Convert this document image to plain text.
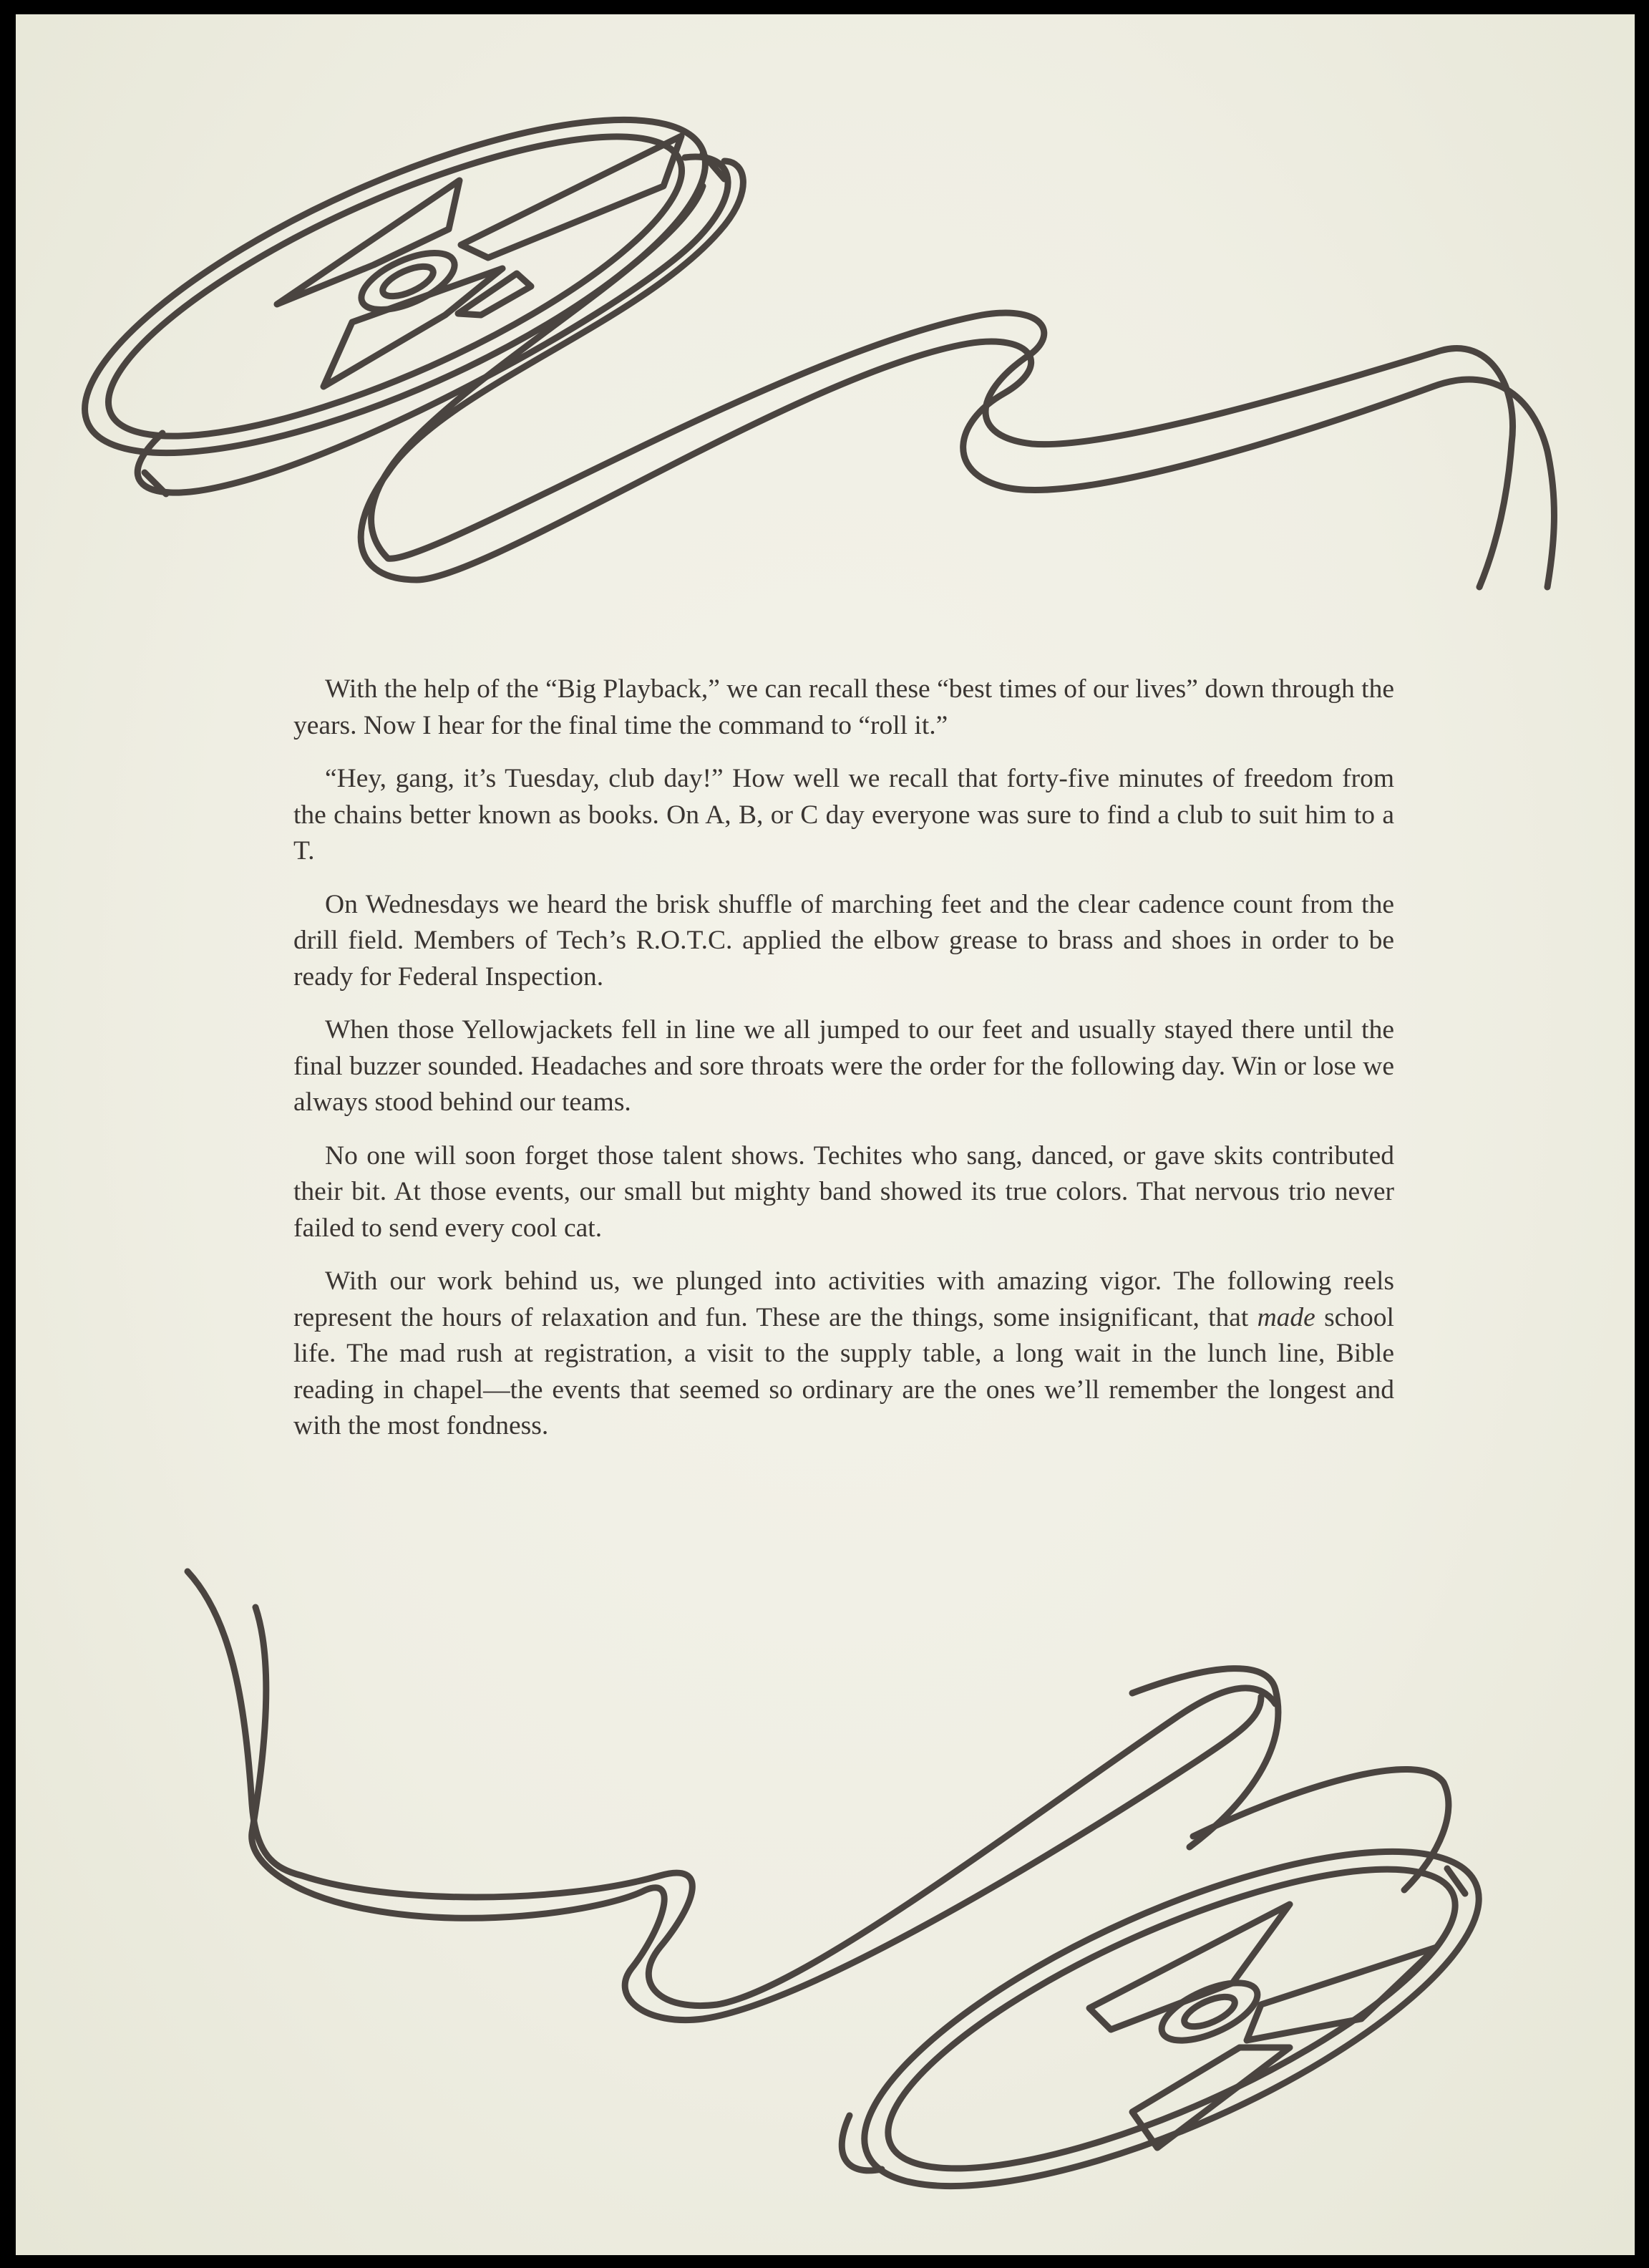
With the help of the “Big Playback,” we can recall these “best times of our lives” down through the years. Now I hear for the final time the command to “roll it.”

“Hey, gang, it’s Tuesday, club day!” How well we recall that forty-five minutes of freedom from the chains better known as books. On A, B, or C day everyone was sure to find a club to suit him to a T.

On Wednesdays we heard the brisk shuffle of marching feet and the clear cadence count from the drill field. Members of Tech’s R.O.T.C. applied the elbow grease to brass and shoes in order to be ready for Federal Inspection.

When those Yellowjackets fell in line we all jumped to our feet and usually stayed there until the final buzzer sounded. Headaches and sore throats were the order for the following day. Win or lose we always stood behind our teams.

No one will soon forget those talent shows. Techites who sang, danced, or gave skits contributed their bit. At those events, our small but mighty band showed its true colors. That nervous trio never failed to send every cool cat.

With our work behind us, we plunged into activities with amazing vigor. The following reels represent the hours of relaxation and fun. These are the things, some insignificant, that made school life. The mad rush at registration, a visit to the supply table, a long wait in the lunch line, Bible reading in chapel—the events that seemed so ordinary are the ones we’ll remember the longest and with the most fondness.
